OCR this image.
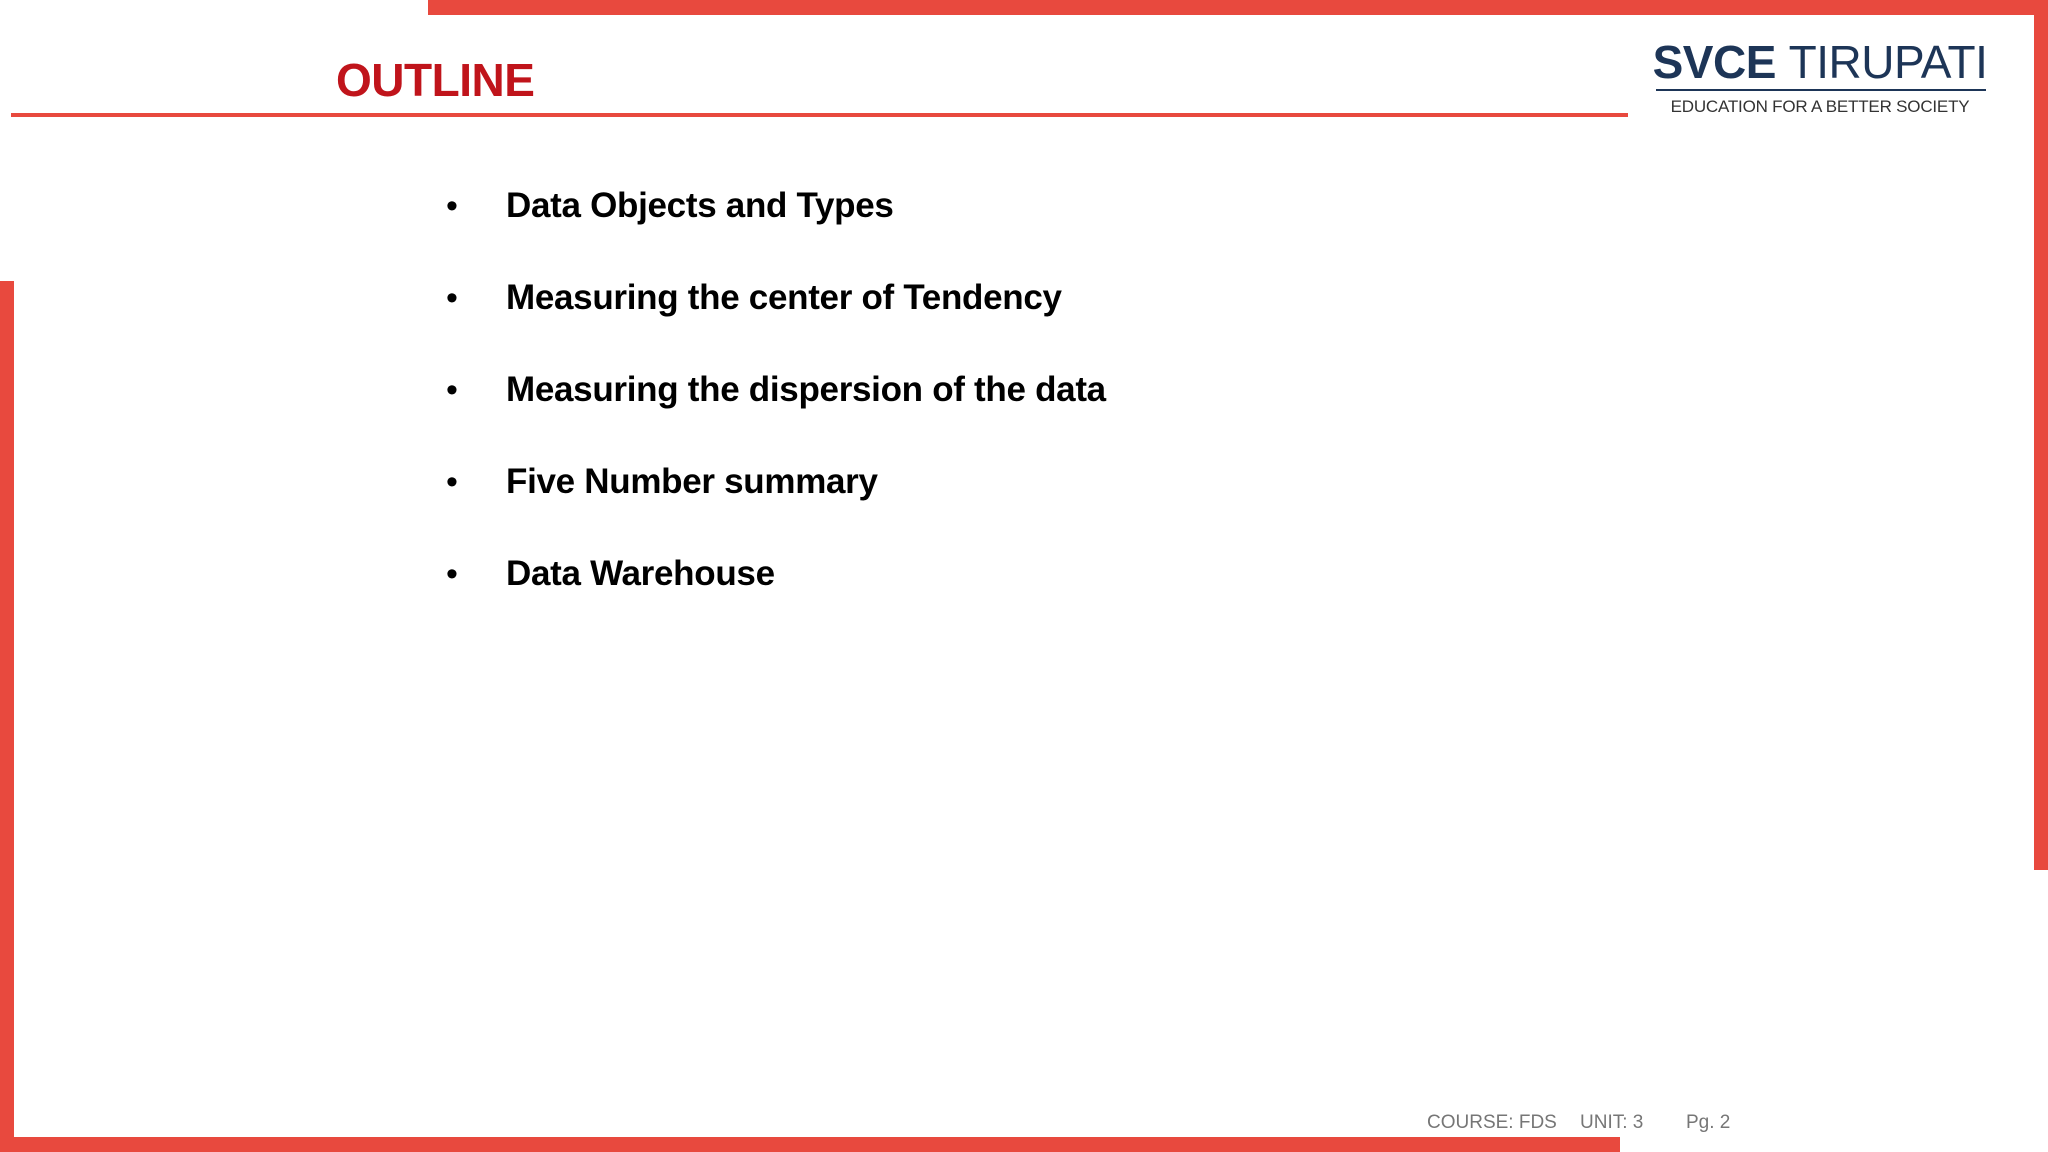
OUTLINE	SVCE TIRUPATI
EDUCATION FOR A BETTER SOCIETY
•	Data Objects and Types
•	Measuring the center of Tendency
•	Measuring the dispersion of the data
•	Five Number summary
•	Data Warehouse
COURSE: FDS UNIT: 3 Pg. 2
